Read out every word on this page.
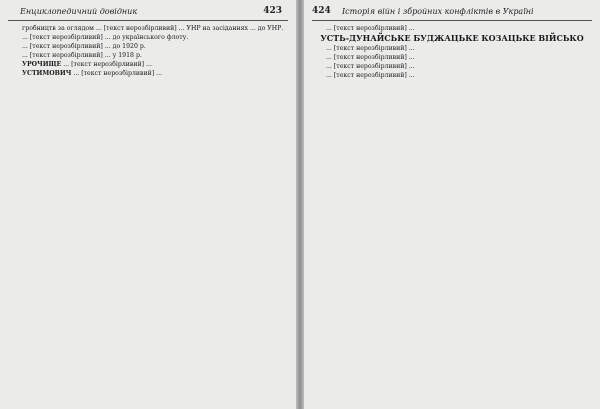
Енциклопедичний довідник	423

гробництв за оглядом ... [текст нерозбірливий] ... УНР на засіданнях ... до УНР.

... [текст нерозбірливий] ... до українського флоту.

... [текст нерозбірливий] ... до 1920 р.

... [текст нерозбірливий] ... у 1918 р.

УРОЧИЩЕ ... [текст нерозбірливий] ...

УСТИМОВИЧ ... [текст нерозбірливий] ...

424 Історія війн і збройних конфліктів в Україні

... [текст нерозбірливий] ...

УСТЬ-ДУНАЙСЬКЕ БУДЖАЦЬКЕ КОЗАЦЬКЕ ВІЙСЬКО

... [текст нерозбірливий] ...

... [текст нерозбірливий] ...

... [текст нерозбірливий] ...

... [текст нерозбірливий] ...
